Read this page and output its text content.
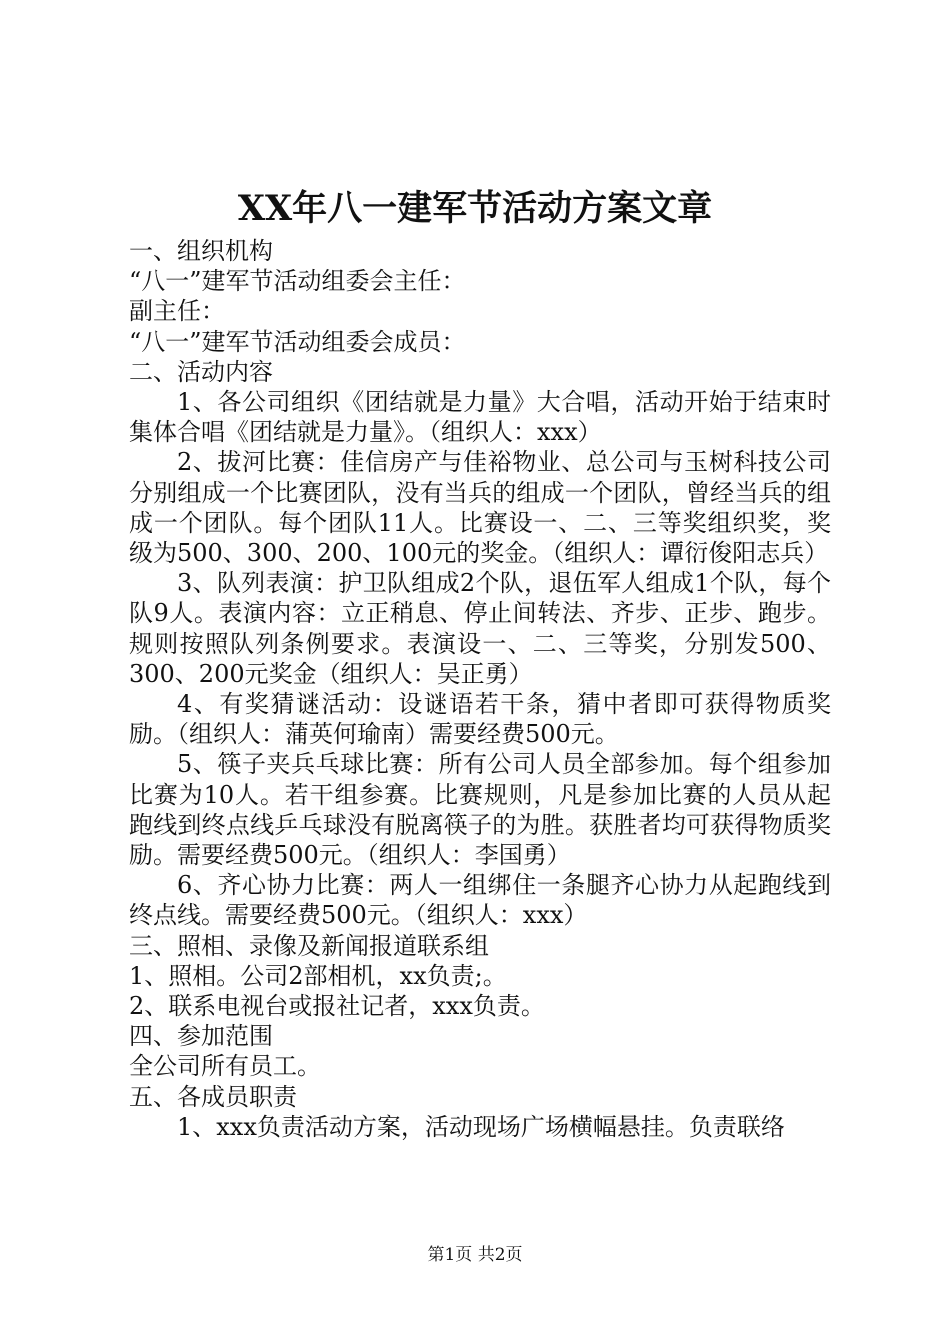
XX年八一建军节活动方案文章

一、组织机构

“八一”建军节活动组委会主任：

副主任：

“八一”建军节活动组委会成员：

二、活动内容

1、各公司组织《团结就是力量》大合唱，活动开始于结束时集体合唱《团结就是力量》。（组织人：xxx）

2、拔河比赛：佳信房产与佳裕物业、总公司与玉树科技公司分别组成一个比赛团队，没有当兵的组成一个团队，曾经当兵的组成一个团队。每个团队11人。比赛设一、二、三等奖组织奖，奖级为500、300、200、100元的奖金。（组织人：谭衍俊阳志兵）

3、队列表演：护卫队组成2个队，退伍军人组成1个队，每个队9人。表演内容：立正稍息、停止间转法、齐步、正步、跑步。规则按照队列条例要求。表演设一、二、三等奖，分别发500、300、200元奖金（组织人：吴正勇）

4、有奖猜谜活动：设谜语若干条，猜中者即可获得物质奖励。（组织人：蒲英何瑜南）需要经费500元。

5、筷子夹兵乓球比赛：所有公司人员全部参加。每个组参加比赛为10人。若干组参赛。比赛规则，凡是参加比赛的人员从起跑线到终点线乒乓球没有脱离筷子的为胜。获胜者均可获得物质奖励。需要经费500元。（组织人：李国勇）

6、齐心协力比赛：两人一组绑住一条腿齐心协力从起跑线到终点线。需要经费500元。（组织人：xxx）

三、照相、录像及新闻报道联系组

1、照相。公司2部相机，xx负责;。

2、联系电视台或报社记者，xxx负责。

四、参加范围

全公司所有员工。

五、各成员职责

1、xxx负责活动方案，活动现场广场横幅悬挂。负责联络

第1页 共2页
